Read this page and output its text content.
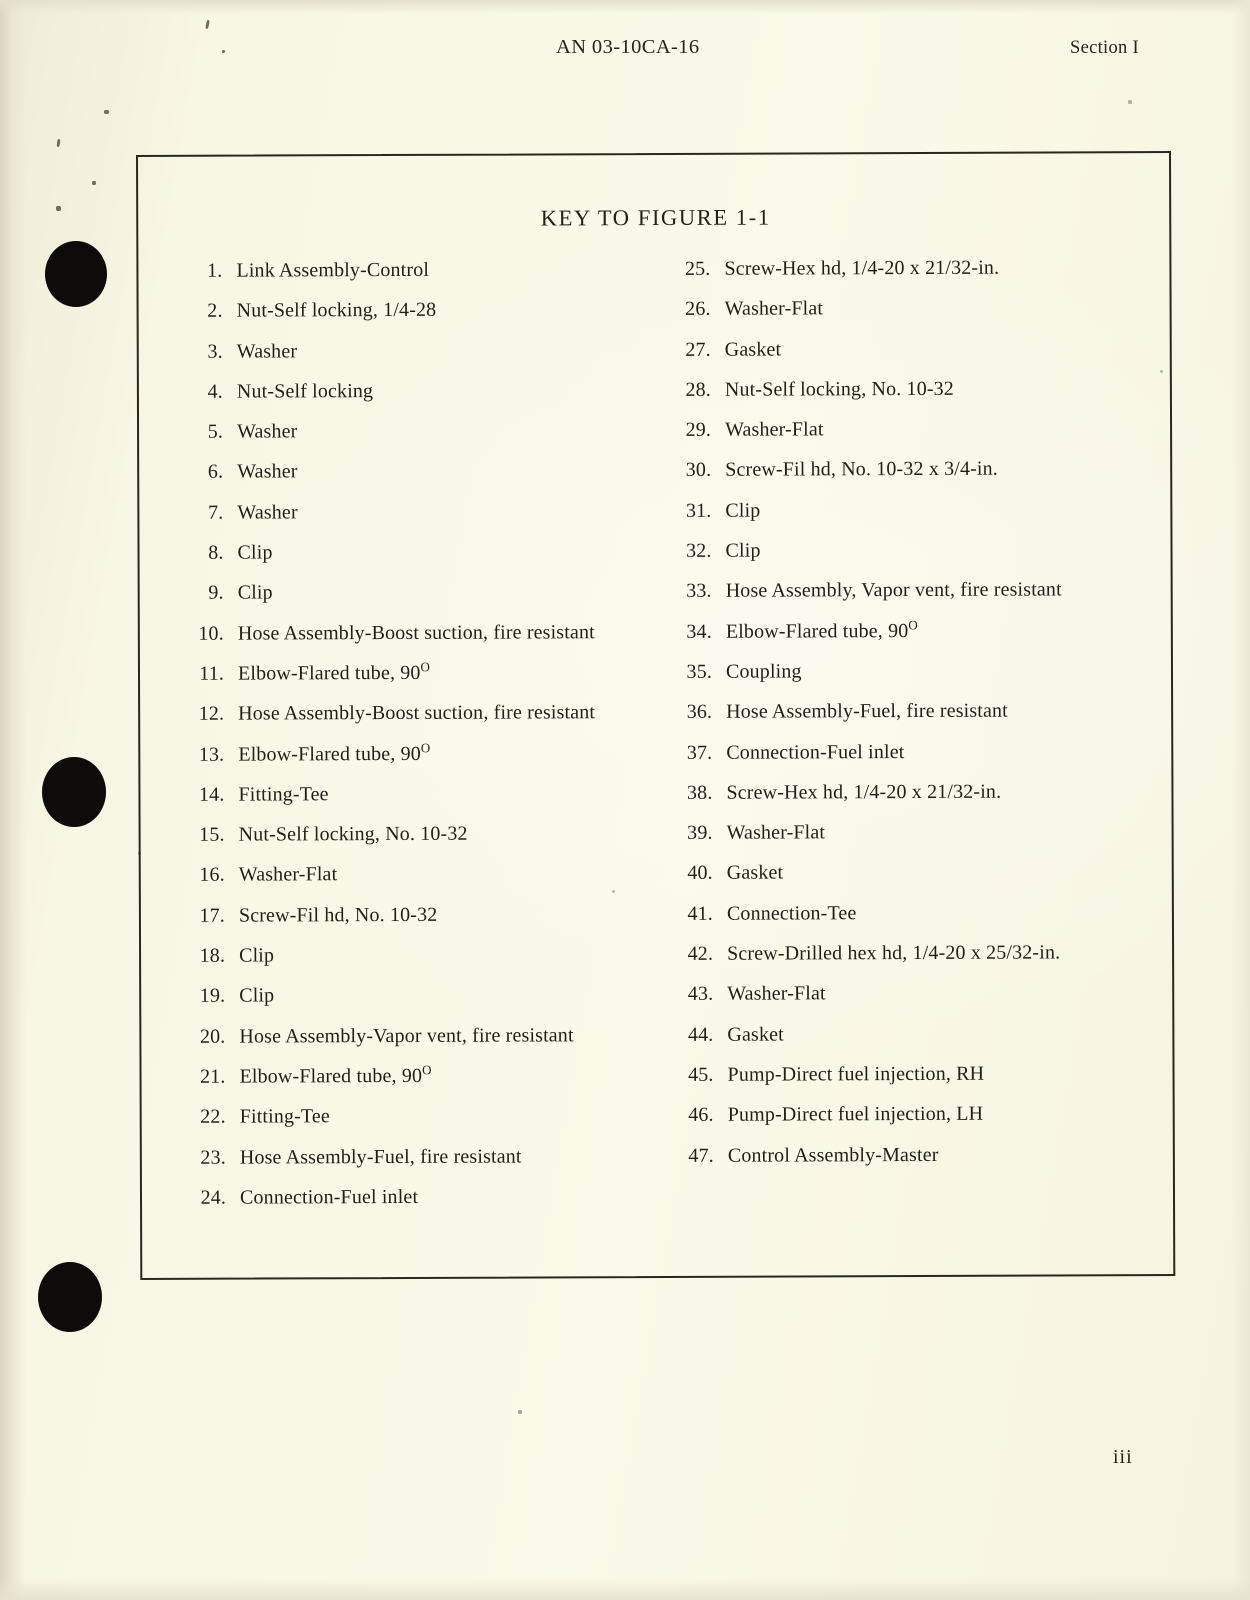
AN 03-10CA-16	Section I
KEY TO FIGURE 1-1
1. Link Assembly-Control
2. Nut-Self locking, 1/4-28
3. Washer
4. Nut-Self locking
5. Washer
6. Washer
7. Washer
8. Clip
9. Clip
10. Hose Assembly-Boost suction, fire resistant
11. Elbow-Flared tube, $90^O$
12. Hose Assembly-Boost suction, fire resistant
13. Elbow-Flared tube, $90^O$
14. Fitting-Tee
15. Nut-Self locking, No. 10-32
16. Washer-Flat
17. Screw-Fil hd, No. 10-32
18. Clip
19. Clip
20. Hose Assembly-Vapor vent, fire resistant
21. Elbow-Flared tube, $90^O$
22. Fitting-Tee
23. Hose Assembly-Fuel, fire resistant
24. Connection-Fuel inlet
25. Screw-Hex hd, 1/4-20 x 21/32-in.
26. Washer-Flat
27. Gasket
28. Nut-Self locking, No. 10-32
29. Washer-Flat
30. Screw-Fil hd, No. 10-32 x 3/4-in.
31. Clip
32. Clip
33. Hose Assembly, Vapor vent, fire resistant
34. Elbow-Flared tube, $90^O$
35. Coupling
36. Hose Assembly-Fuel, fire resistant
37. Connection-Fuel inlet
38. Screw-Hex hd, 1/4-20 x 21/32-in.
39. Washer-Flat
40. Gasket
41. Connection-Tee
42. Screw-Drilled hex hd, 1/4-20 x 25/32-in.
43. Washer-Flat
44. Gasket
45. Pump-Direct fuel injection, RH
46. Pump-Direct fuel injection, LH
47. Control Assembly-Master
iii
